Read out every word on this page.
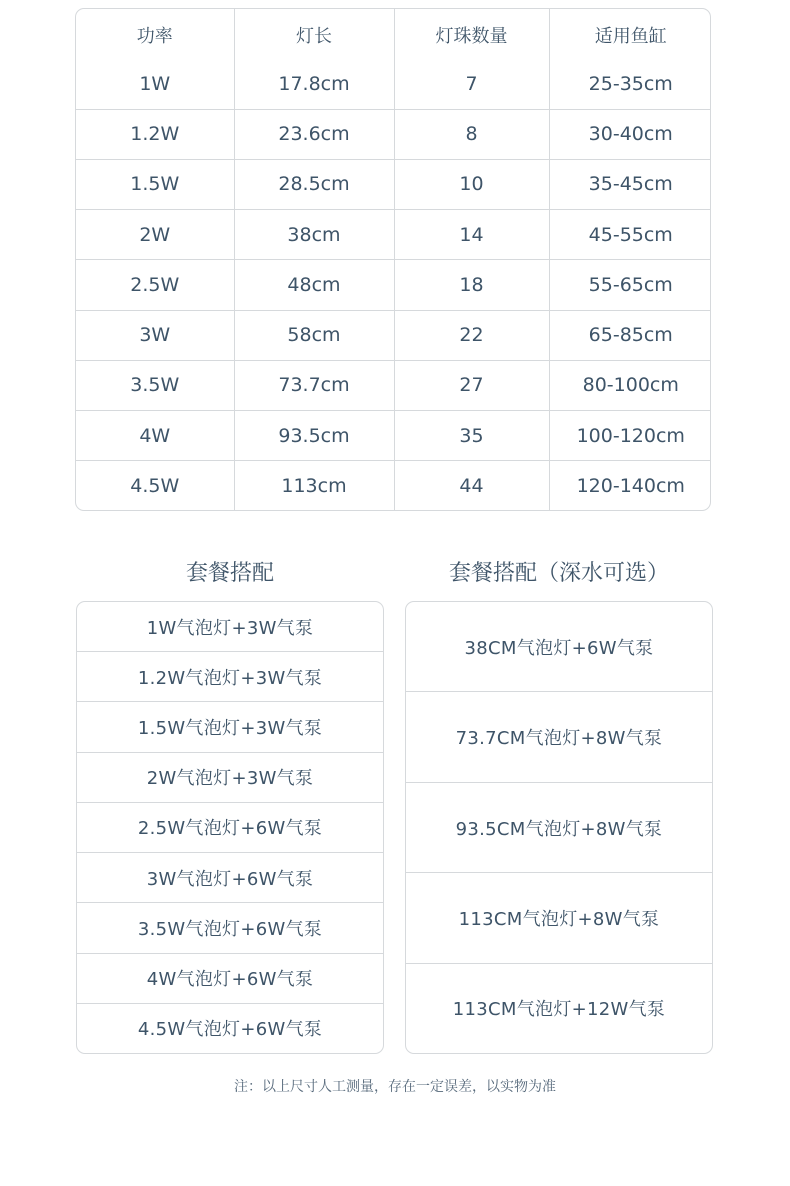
功率	灯长	灯珠数量	适用鱼缸
1W	17.8cm	7	25-35cm
1.2W	23.6cm	8	30-40cm
1.5W	28.5cm	10	35-45cm
2W	38cm	14	45-55cm
2.5W	48cm	18	55-65cm
3W	58cm	22	65-85cm
3.5W	73.7cm	27	80-100cm
4W	93.5cm	35	100-120cm
4.5W	113cm	44	120-140cm
套餐搭配	套餐搭配（深水可选）
1W气泡灯+3W气泵
1.2W气泡灯+3W气泵
1.5W气泡灯+3W气泵
2W气泡灯+3W气泵
2.5W气泡灯+6W气泵
3W气泡灯+6W气泵
3.5W气泡灯+6W气泵
4W气泡灯+6W气泵
4.5W气泡灯+6W气泵
38CM气泡灯+6W气泵
73.7CM气泡灯+8W气泵
93.5CM气泡灯+8W气泵
113CM气泡灯+8W气泵
113CM气泡灯+12W气泵
注：以上尺寸人工测量，存在一定误差，以实物为准
